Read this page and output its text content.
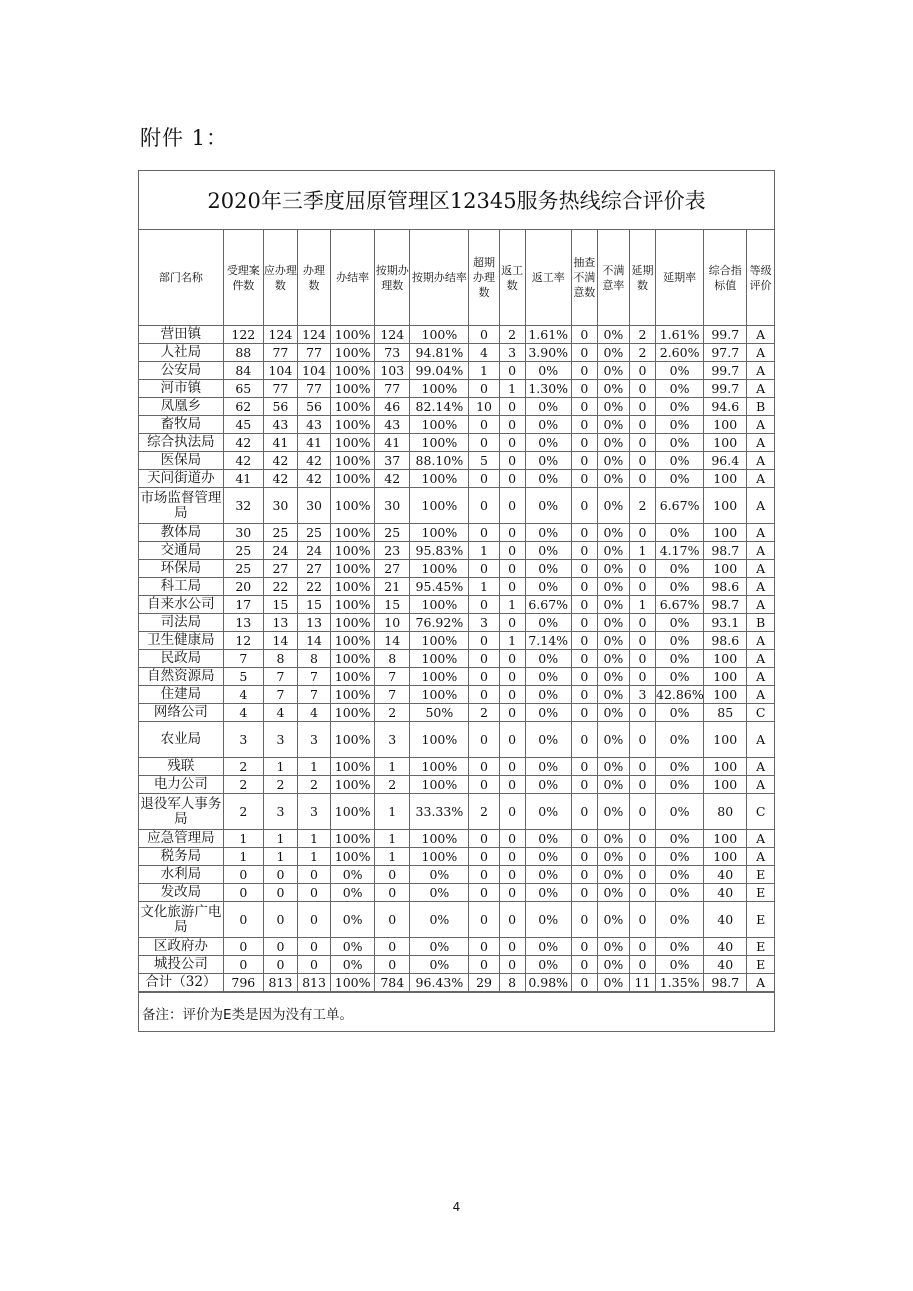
附件 1：
2020年三季度屈原管理区12345服务热线综合评价表
部门名称	受理案件数	应办理数	办理数	办结率	按期办理数	按期办结率	超期办理数	返工数	返工率	抽查不满意数	不满意率	延期数	延期率	综合指标值	等级评价
营田镇	122	124	124	100%	124	100%	0	2	1.61%	0	0%	2	1.61%	99.7	A
人社局	88	77	77	100%	73	94.81%	4	3	3.90%	0	0%	2	2.60%	97.7	A
公安局	84	104	104	100%	103	99.04%	1	0	0%	0	0%	0	0%	99.7	A
河市镇	65	77	77	100%	77	100%	0	1	1.30%	0	0%	0	0%	99.7	A
凤凰乡	62	56	56	100%	46	82.14%	10	0	0%	0	0%	0	0%	94.6	B
畜牧局	45	43	43	100%	43	100%	0	0	0%	0	0%	0	0%	100	A
综合执法局	42	41	41	100%	41	100%	0	0	0%	0	0%	0	0%	100	A
医保局	42	42	42	100%	37	88.10%	5	0	0%	0	0%	0	0%	96.4	A
天问街道办	41	42	42	100%	42	100%	0	0	0%	0	0%	0	0%	100	A
市场监督管理局	32	30	30	100%	30	100%	0	0	0%	0	0%	2	6.67%	100	A
教体局	30	25	25	100%	25	100%	0	0	0%	0	0%	0	0%	100	A
交通局	25	24	24	100%	23	95.83%	1	0	0%	0	0%	1	4.17%	98.7	A
环保局	25	27	27	100%	27	100%	0	0	0%	0	0%	0	0%	100	A
科工局	20	22	22	100%	21	95.45%	1	0	0%	0	0%	0	0%	98.6	A
自来水公司	17	15	15	100%	15	100%	0	1	6.67%	0	0%	1	6.67%	98.7	A
司法局	13	13	13	100%	10	76.92%	3	0	0%	0	0%	0	0%	93.1	B
卫生健康局	12	14	14	100%	14	100%	0	1	7.14%	0	0%	0	0%	98.6	A
民政局	7	8	8	100%	8	100%	0	0	0%	0	0%	0	0%	100	A
自然资源局	5	7	7	100%	7	100%	0	0	0%	0	0%	0	0%	100	A
住建局	4	7	7	100%	7	100%	0	0	0%	0	0%	3	42.86%	100	A
网络公司	4	4	4	100%	2	50%	2	0	0%	0	0%	0	0%	85	C
农业局	3	3	3	100%	3	100%	0	0	0%	0	0%	0	0%	100	A
残联	2	1	1	100%	1	100%	0	0	0%	0	0%	0	0%	100	A
电力公司	2	2	2	100%	2	100%	0	0	0%	0	0%	0	0%	100	A
退役军人事务局	2	3	3	100%	1	33.33%	2	0	0%	0	0%	0	0%	80	C
应急管理局	1	1	1	100%	1	100%	0	0	0%	0	0%	0	0%	100	A
税务局	1	1	1	100%	1	100%	0	0	0%	0	0%	0	0%	100	A
水利局	0	0	0	0%	0	0%	0	0	0%	0	0%	0	0%	40	E
发改局	0	0	0	0%	0	0%	0	0	0%	0	0%	0	0%	40	E
文化旅游广电局	0	0	0	0%	0	0%	0	0	0%	0	0%	0	0%	40	E
区政府办	0	0	0	0%	0	0%	0	0	0%	0	0%	0	0%	40	E
城投公司	0	0	0	0%	0	0%	0	0	0%	0	0%	0	0%	40	E
合计（32）	796	813	813	100%	784	96.43%	29	8	0.98%	0	0%	11	1.35%	98.7	A
备注：评价为E类是因为没有工单。
4
